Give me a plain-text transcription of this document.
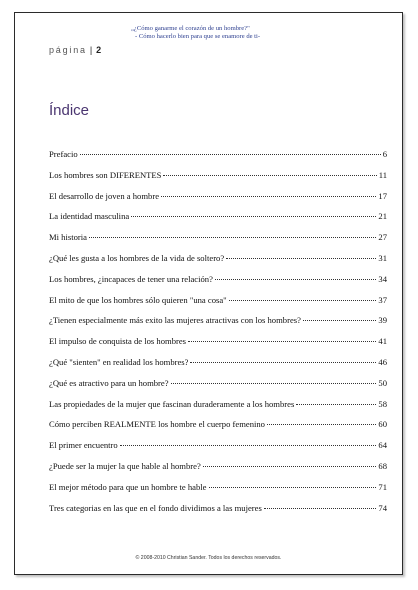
„¿Cómo ganarme el corazón de un hombre?"
- Cómo hacerlo bien para que se enamore de ti-
página | 2
Índice
Prefacio	6
Los hombres son DIFERENTES	11
El desarrollo de joven a hombre	17
La identidad masculina	21
Mi historia	27
¿Qué les gusta a los hombres de la vida de soltero?	31
Los hombres, ¿incapaces de tener una relación?	34
El mito de que los hombres sólo quieren "una cosa"	37
¿Tienen especialmente más exito las mujeres atractivas con los hombres?	39
El impulso de conquista de los hombres	41
¿Qué "sienten" en realidad los hombres?	46
¿Qué es atractivo para un hombre?	50
Las propiedades de la mujer que fascinan duraderamente a los hombres	58
Cómo perciben REALMENTE los hombre el cuerpo femenino	60
El primer encuentro	64
¿Puede ser la mujer la que hable al hombre?	68
El mejor método para que un hombre te hable	71
Tres categorias en las que en el fondo dividimos a las mujeres	74
© 2008-2010 Christian Sander. Todos los derechos reservados.
